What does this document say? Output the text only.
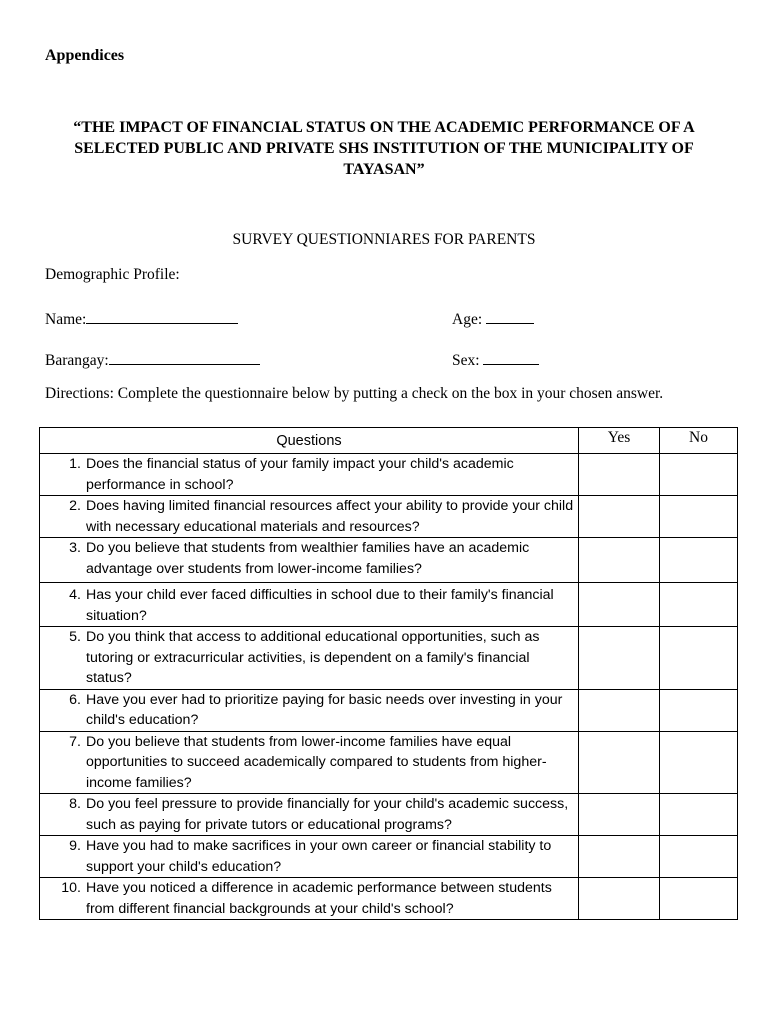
Appendices
“THE IMPACT OF FINANCIAL STATUS ON THE ACADEMIC PERFORMANCE OF A
SELECTED PUBLIC AND PRIVATE SHS INSTITUTION OF THE MUNICIPALITY OF
TAYASAN”
SURVEY QUESTIONNIARES FOR PARENTS
Demographic Profile:
Name:	Age:
Barangay:	Sex:
Directions: Complete the questionnaire below by putting a check on the box in your chosen answer.
Questions	Yes	No

1. Does the financial status of your family impact your child's academic performance in school?		

2. Does having limited financial resources affect your ability to provide your child with necessary educational materials and resources?		

3. Do you believe that students from wealthier families have an academic advantage over students from lower-income families?		

4. Has your child ever faced difficulties in school due to their family's financial situation?		

5. Do you think that access to additional educational opportunities, such as tutoring or extracurricular activities, is dependent on a family's financial status?		

6. Have you ever had to prioritize paying for basic needs over investing in your child's education?		

7. Do you believe that students from lower-income families have equal opportunities to succeed academically compared to students from higher-income families?		

8. Do you feel pressure to provide financially for your child's academic success, such as paying for private tutors or educational programs?		

9. Have you had to make sacrifices in your own career or financial stability to support your child's education?		

10. Have you noticed a difference in academic performance between students from different financial backgrounds at your child's school?		
